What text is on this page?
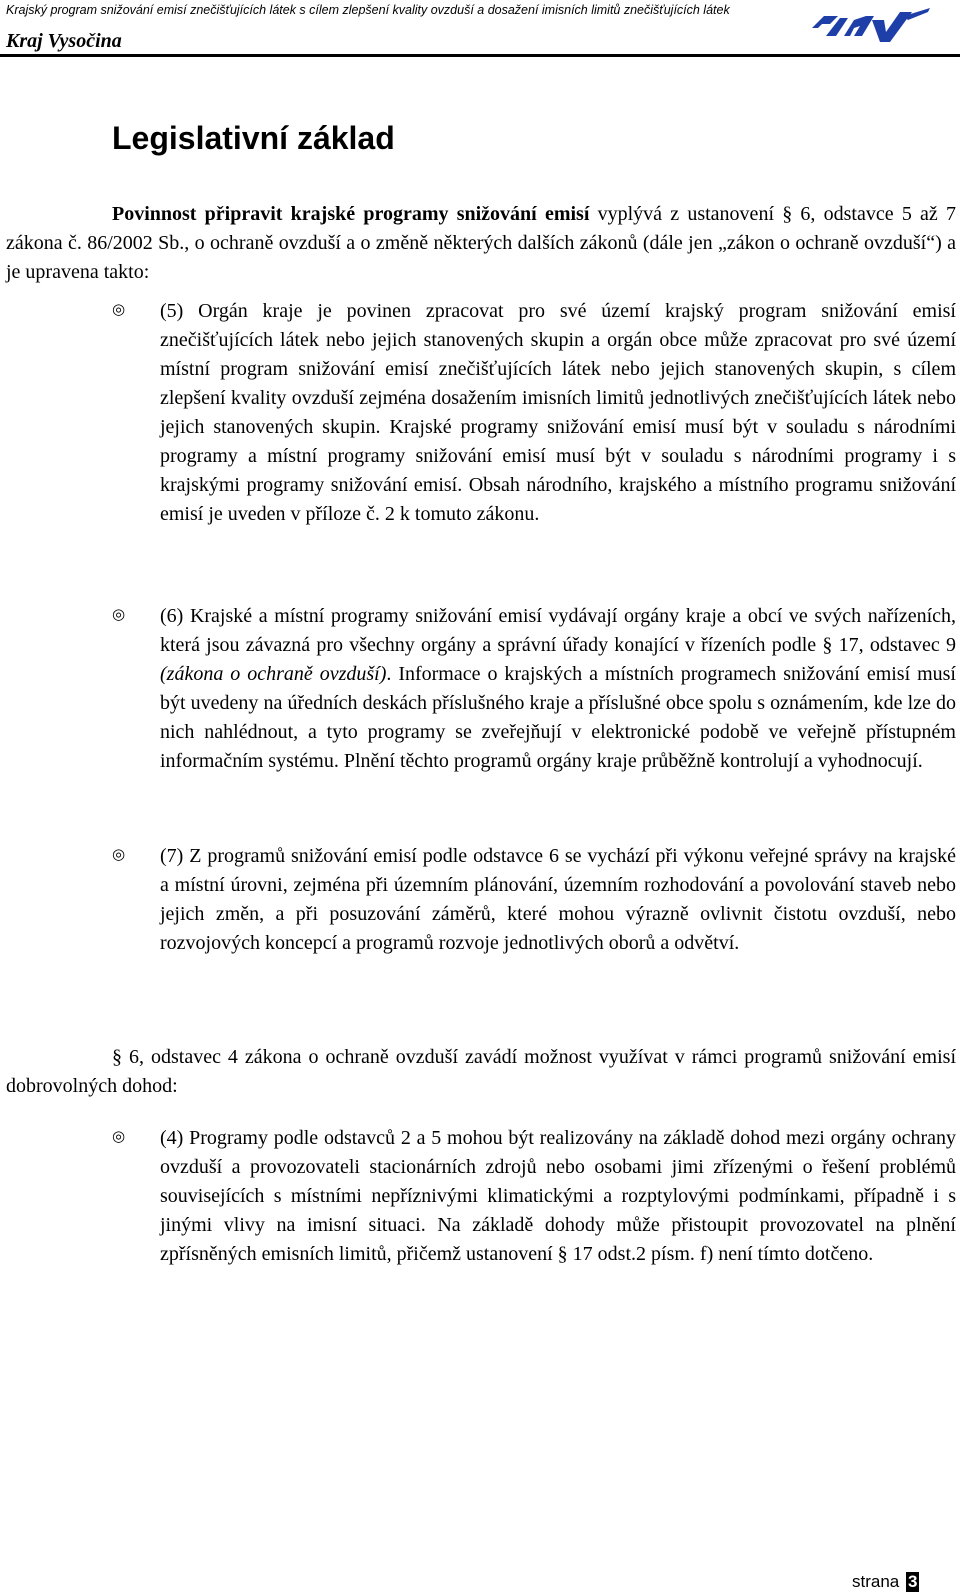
Krajský program snižování emisí znečišťujících látek s cílem zlepšení kvality ovzduší a dosažení imisních limitů znečišťujících látek
Kraj Vysočina
Legislativní základ

Povinnost připravit krajské programy snižování emisí vyplývá z ustanovení § 6, odstavce 5 až 7 zákona č. 86/2002 Sb., o ochraně ovzduší a o změně některých dalších zákonů (dále jen „zákon o ochraně ovzduší“) a je upravena takto:

◎ (5) Orgán kraje je povinen zpracovat pro své území krajský program snižování emisí znečišťujících látek nebo jejich stanovených skupin a orgán obce může zpracovat pro své území místní program snižování emisí znečišťujících látek nebo jejich stanovených skupin, s cílem zlepšení kvality ovzduší zejména dosažením imisních limitů jednotlivých znečišťujících látek nebo jejich stanovených skupin. Krajské programy snižování emisí musí být v souladu s národními programy a místní programy snižování emisí musí být v souladu s národními programy i s krajskými programy snižování emisí. Obsah národního, krajského a místního programu snižování emisí je uveden v příloze č. 2 k tomuto zákonu.

◎ (6) Krajské a místní programy snižování emisí vydávají orgány kraje a obcí ve svých nařízeních, která jsou závazná pro všechny orgány a správní úřady konající v řízeních podle § 17, odstavec 9 (zákona o ochraně ovzduší). Informace o krajských a místních programech snižování emisí musí být uvedeny na úředních deskách příslušného kraje a příslušné obce spolu s oznámením, kde lze do nich nahlédnout, a tyto programy se zveřejňují v elektronické podobě ve veřejně přístupném informačním systému. Plnění těchto programů orgány kraje průběžně kontrolují a vyhodnocují.

◎ (7) Z programů snižování emisí podle odstavce 6 se vychází při výkonu veřejné správy na krajské a místní úrovni, zejména při územním plánování, územním rozhodování a povolování staveb nebo jejich změn, a při posuzování záměrů, které mohou výrazně ovlivnit čistotu ovzduší, nebo rozvojových koncepcí a programů rozvoje jednotlivých oborů a odvětví.

§ 6, odstavec 4 zákona o ochraně ovzduší zavádí možnost využívat v rámci programů snižování emisí dobrovolných dohod:

◎ (4) Programy podle odstavců 2 a 5 mohou být realizovány na základě dohod mezi orgány ochrany ovzduší a provozovateli stacionárních zdrojů nebo osobami jimi zřízenými o řešení problémů souvisejících s místními nepříznivými klimatickými a rozptylovými podmínkami, případně i s jinými vlivy na imisní situaci. Na základě dohody může přistoupit provozovatel na plnění zpřísněných emisních limitů, přičemž ustanovení § 17 odst.2 písm. f) není tímto dotčeno.

strana 3
